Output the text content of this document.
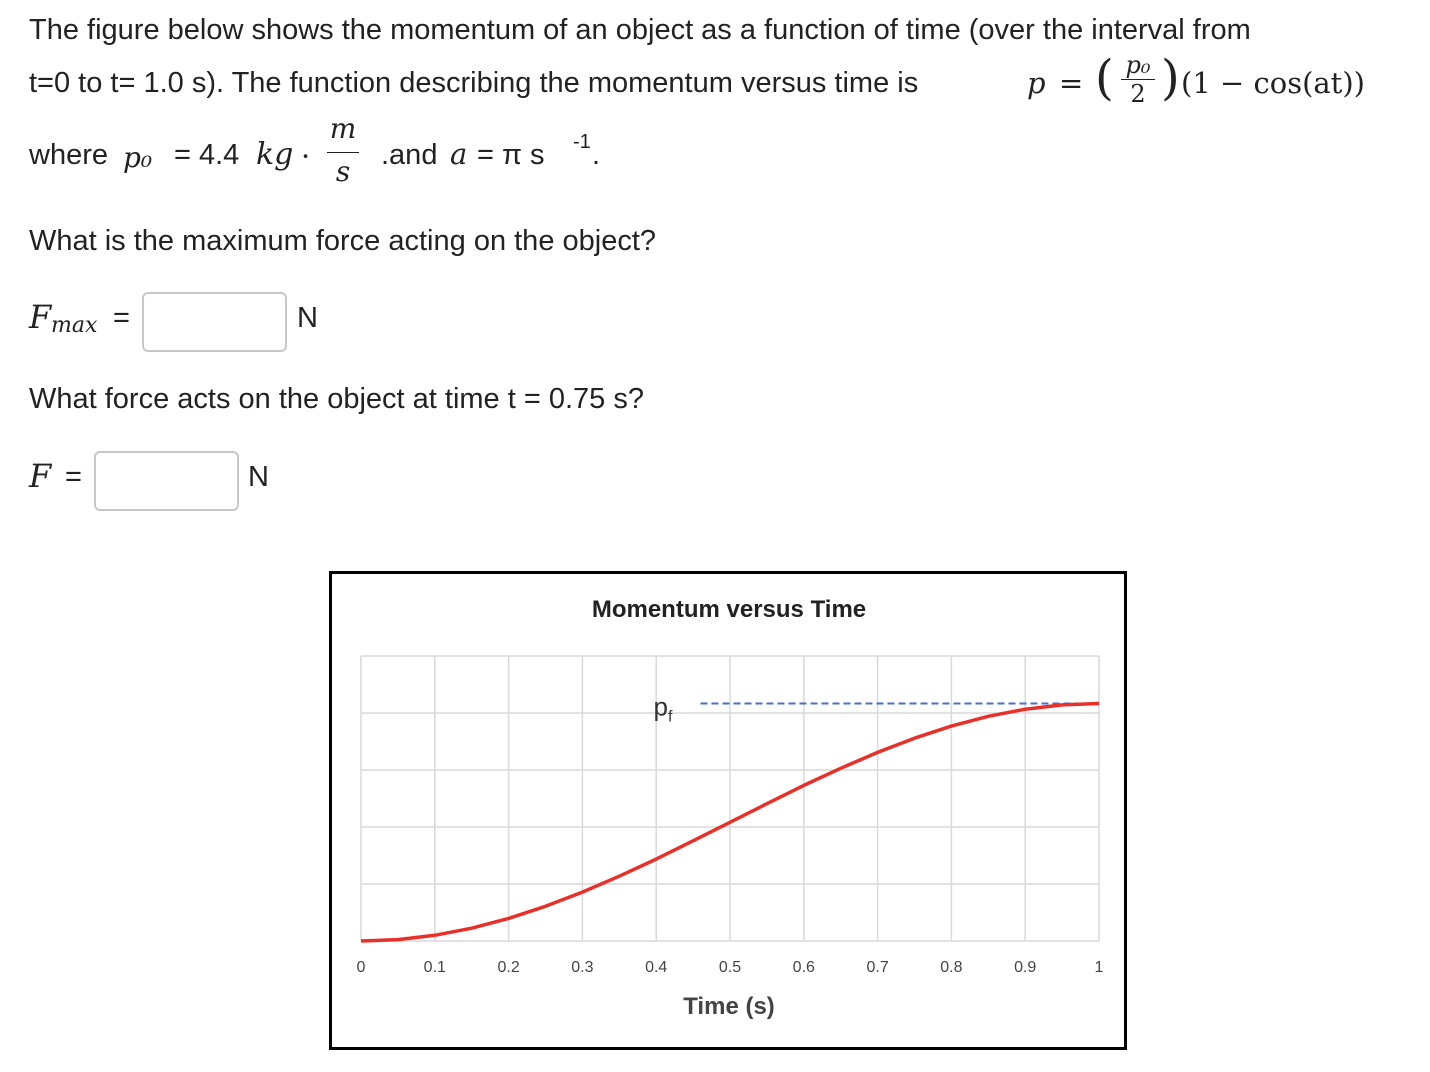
The figure below shows the momentum of an object as a function of time (over the interval from
t=0 to t= 1.0 s). The function describing the momentum versus time is	p = ( p₀
2 ) (1 − cos(at))
where p₀ = 4.4 kg ·
m
s	.and a = π s -1 .
What is the maximum force acting on the object?
F max =	N
What force acts on the object at time t = 0.75 s?
F =	N
Momentum versus Time
0	0.1	0.2	0.3	0.4	0.5	0.6	0.7	0.8	0.9	1
$p_f$
Time (s)
